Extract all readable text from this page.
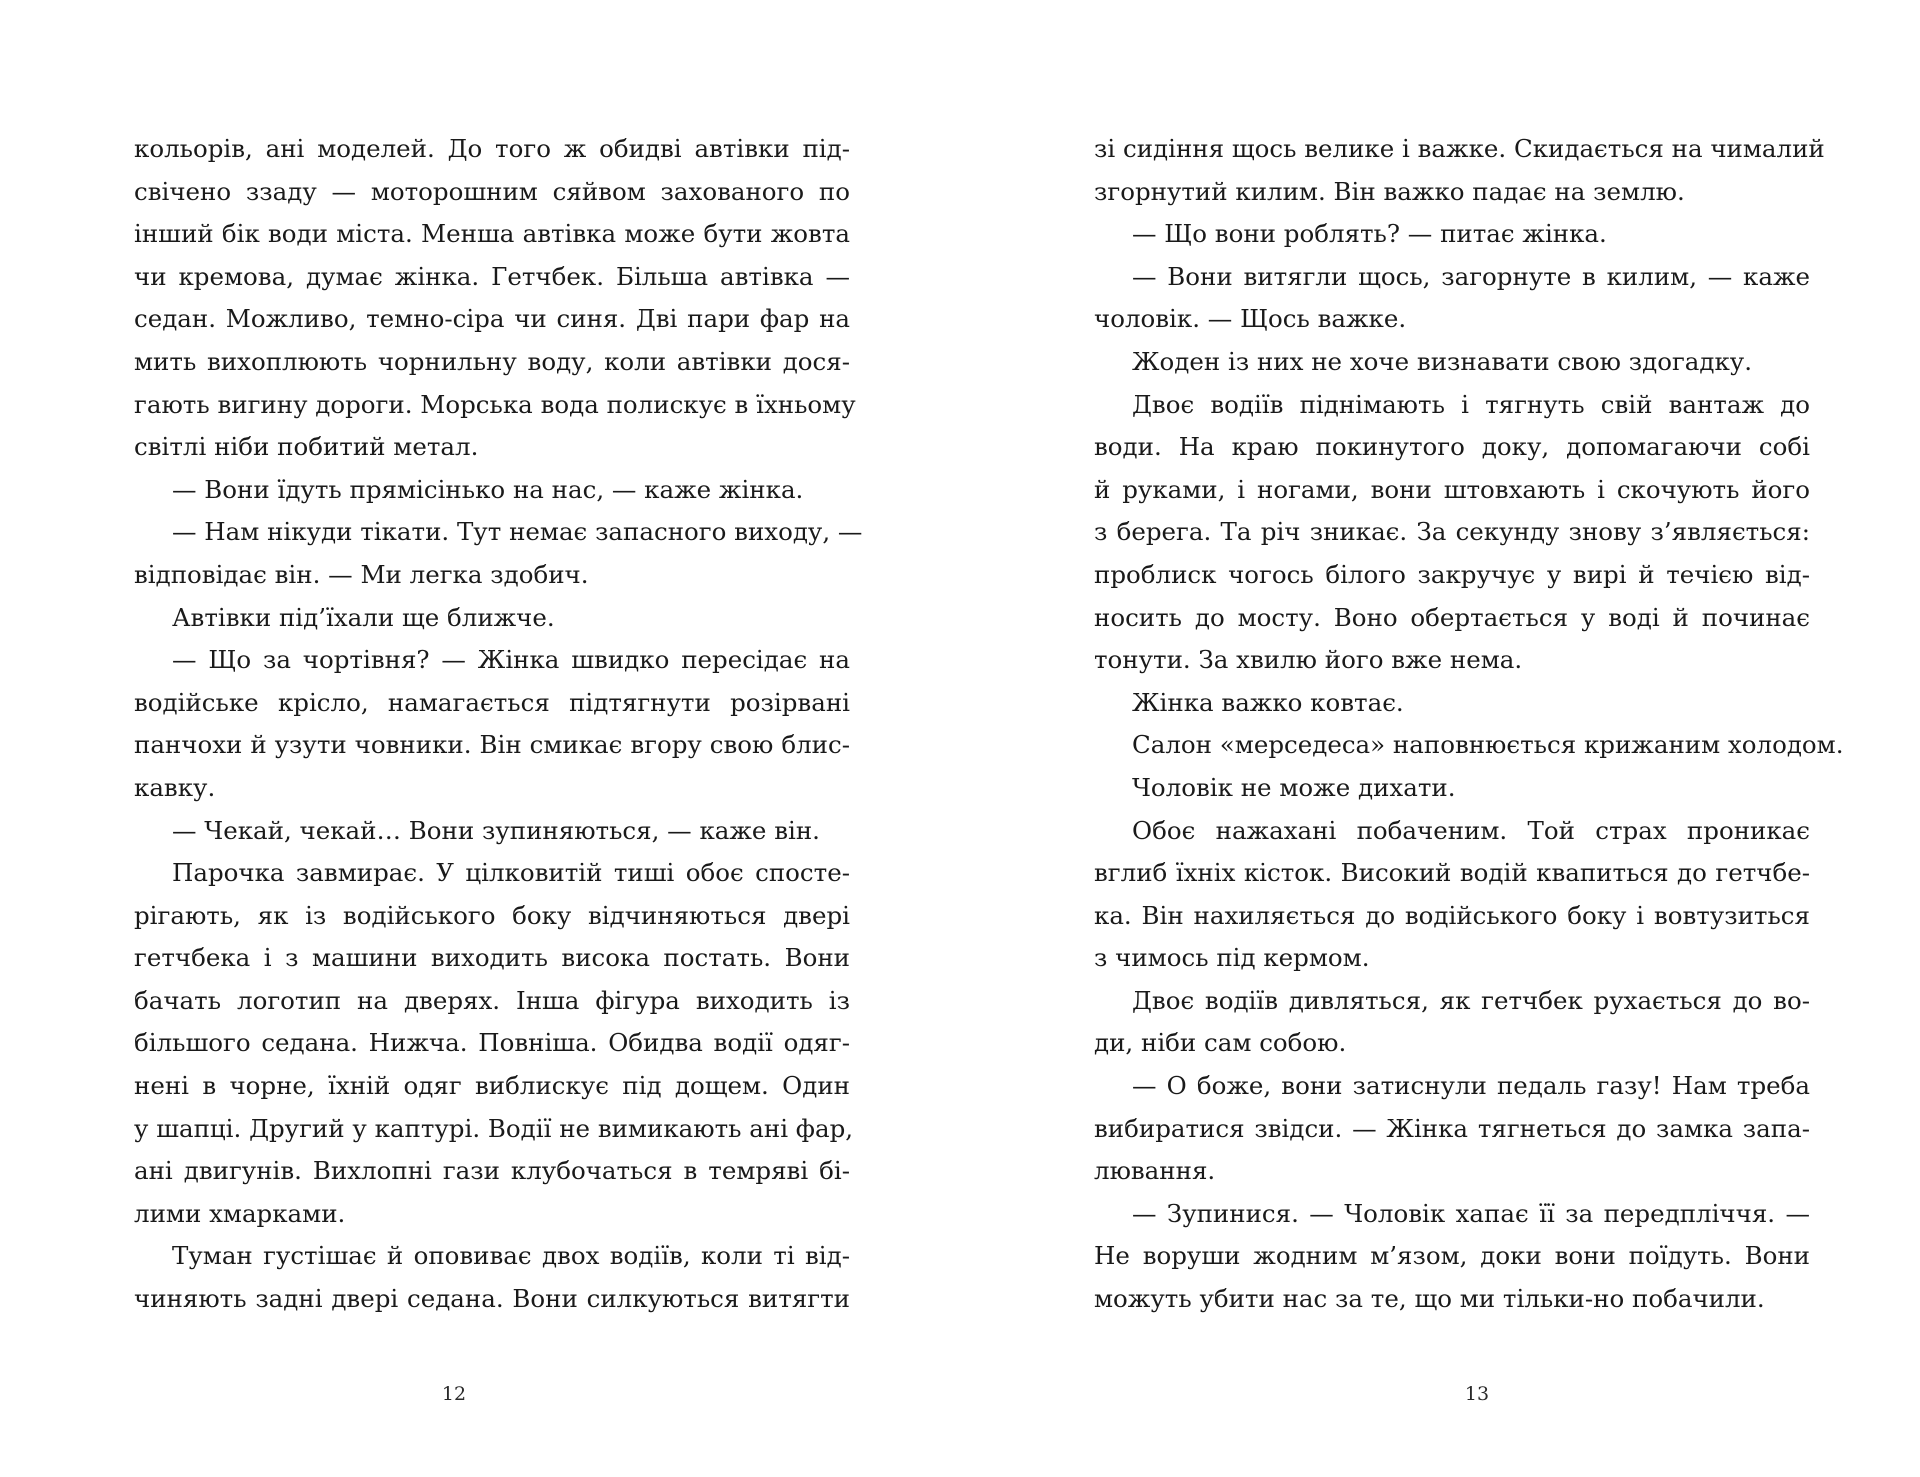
кольорів, ані моделей. До того ж обидві автівки під-
свічено ззаду — моторошним сяйвом захованого по
інший бік води міста. Менша автівка може бути жовта
чи кремова, думає жінка. Гетчбек. Більша автівка —
седан. Можливо, темно-сіра чи синя. Дві пари фар на
мить вихоплюють чорнильну воду, коли автівки дося-
гають вигину дороги. Морська вода полискує в їхньому
світлі ніби побитий метал.
— Вони їдуть прямісінько на нас, — каже жінка.
— Нам нікуди тікати. Тут немає запасного виходу, —
відповідає він. — Ми легка здобич.
Автівки під’їхали ще ближче.
— Що за чортівня? — Жінка швидко пересідає на
водійське крісло, намагається підтягнути розірвані
панчохи й узути човники. Він смикає вгору свою блис-
кавку.
— Чекай, чекай… Вони зупиняються, — каже він.
Парочка завмирає. У цілковитій тиші обоє спосте-
рігають, як із водійського боку відчиняються двері
гетчбека і з машини виходить висока постать. Вони
бачать логотип на дверях. Інша фігура виходить із
більшого седана. Нижча. Повніша. Обидва водії одяг-
нені в чорне, їхній одяг виблискує під дощем. Один
у шапці. Другий у каптурі. Водії не вимикають ані фар,
ані двигунів. Вихлопні гази клубочаться в темряві бі-
лими хмарками.
Туман густішає й оповиває двох водіїв, коли ті від-
чиняють задні двері седана. Вони силкуються витягти
зі сидіння щось велике і важке. Скидається на чималий
згорнутий килим. Він важко падає на землю.
— Що вони роблять? — питає жінка.
— Вони витягли щось, загорнуте в килим, — каже
чоловік. — Щось важке.
Жоден із них не хоче визнавати свою здогадку.
Двоє водіїв піднімають і тягнуть свій вантаж до
води. На краю покинутого доку, допомагаючи собі
й руками, і ногами, вони штовхають і скочують його
з берега. Та річ зникає. За секунду знову з’являється:
проблиск чогось білого закручує у вирі й течією від-
носить до мосту. Воно обертається у воді й починає
тонути. За хвилю його вже нема.
Жінка важко ковтає.
Салон «мерседеса» наповнюється крижаним холодом.
Чоловік не може дихати.
Обоє нажахані побаченим. Той страх проникає
вглиб їхніх кісток. Високий водій квапиться до гетчбе-
ка. Він нахиляється до водійського боку і вовтузиться
з чимось під кермом.
Двоє водіїв дивляться, як гетчбек рухається до во-
ди, ніби сам собою.
— О боже, вони затиснули педаль газу! Нам треба
вибиратися звідси. — Жінка тягнеться до замка запа-
лювання.
— Зупинися. — Чоловік хапає її за передпліччя. —
Не воруши жодним м’язом, доки вони поїдуть. Вони
можуть убити нас за те, що ми тільки-но побачили.
12	13
